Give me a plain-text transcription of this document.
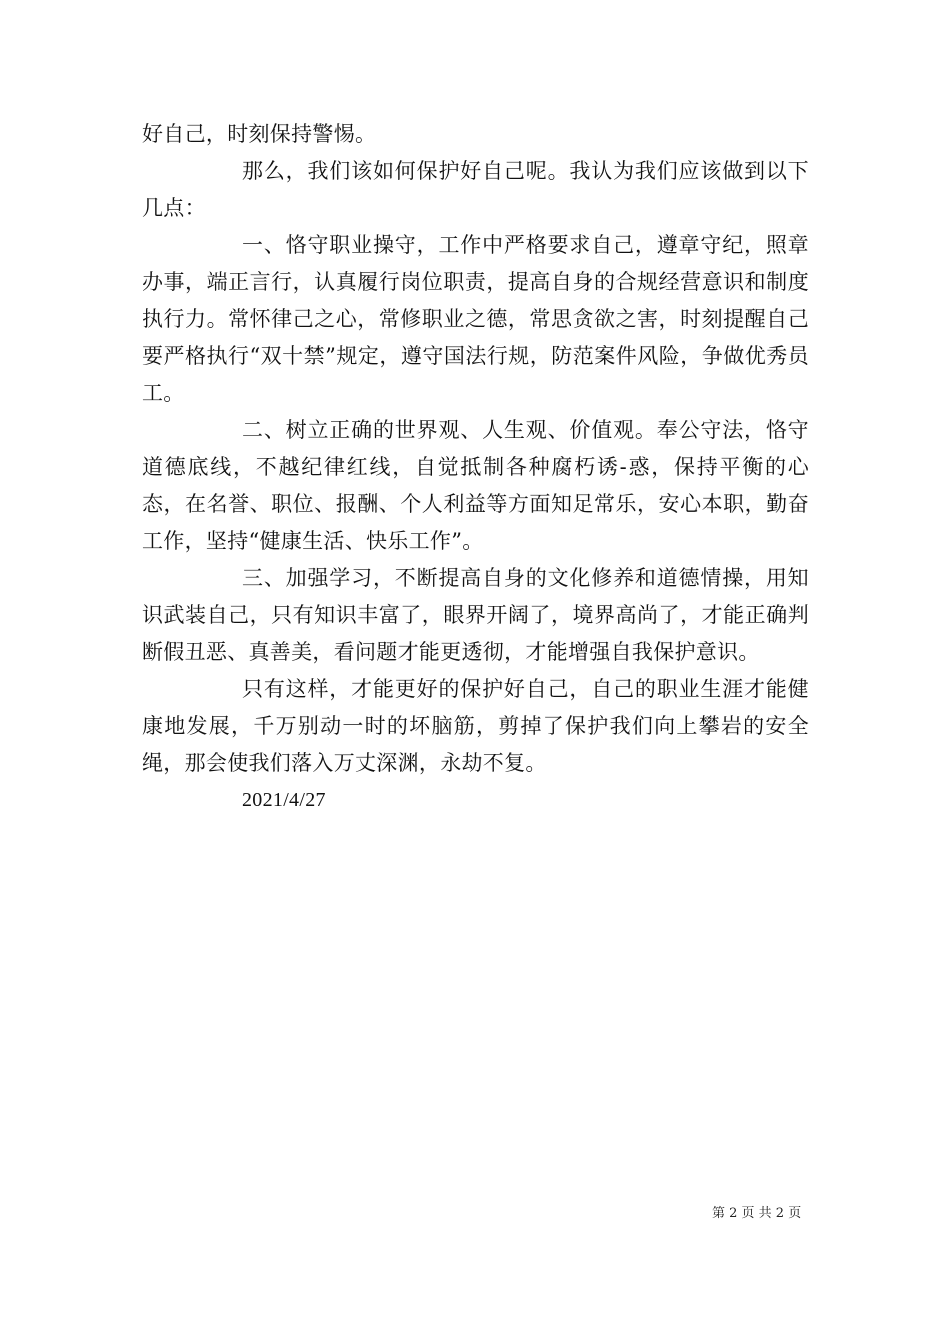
好自己，时刻保持警惕。

那么，我们该如何保护好自己呢。我认为我们应该做到以下几点：

一、恪守职业操守，工作中严格要求自己，遵章守纪，照章办事，端正言行，认真履行岗位职责，提高自身的合规经营意识和制度执行力。常怀律己之心，常修职业之德，常思贪欲之害，时刻提醒自己要严格执行“双十禁”规定，遵守国法行规，防范案件风险，争做优秀员工。

二、树立正确的世界观、人生观、价值观。奉公守法，恪守道德底线，不越纪律红线，自觉抵制各种腐朽诱-惑，保持平衡的心态，在名誉、职位、报酬、个人利益等方面知足常乐，安心本职，勤奋工作，坚持“健康生活、快乐工作”。

三、加强学习，不断提高自身的文化修养和道德情操，用知识武装自己，只有知识丰富了，眼界开阔了，境界高尚了，才能正确判断假丑恶、真善美，看问题才能更透彻，才能增强自我保护意识。

只有这样，才能更好的保护好自己，自己的职业生涯才能健康地发展，千万别动一时的坏脑筋，剪掉了保护我们向上攀岩的安全绳，那会使我们落入万丈深渊，永劫不复。

2021/4/27

第 2 页 共 2 页
